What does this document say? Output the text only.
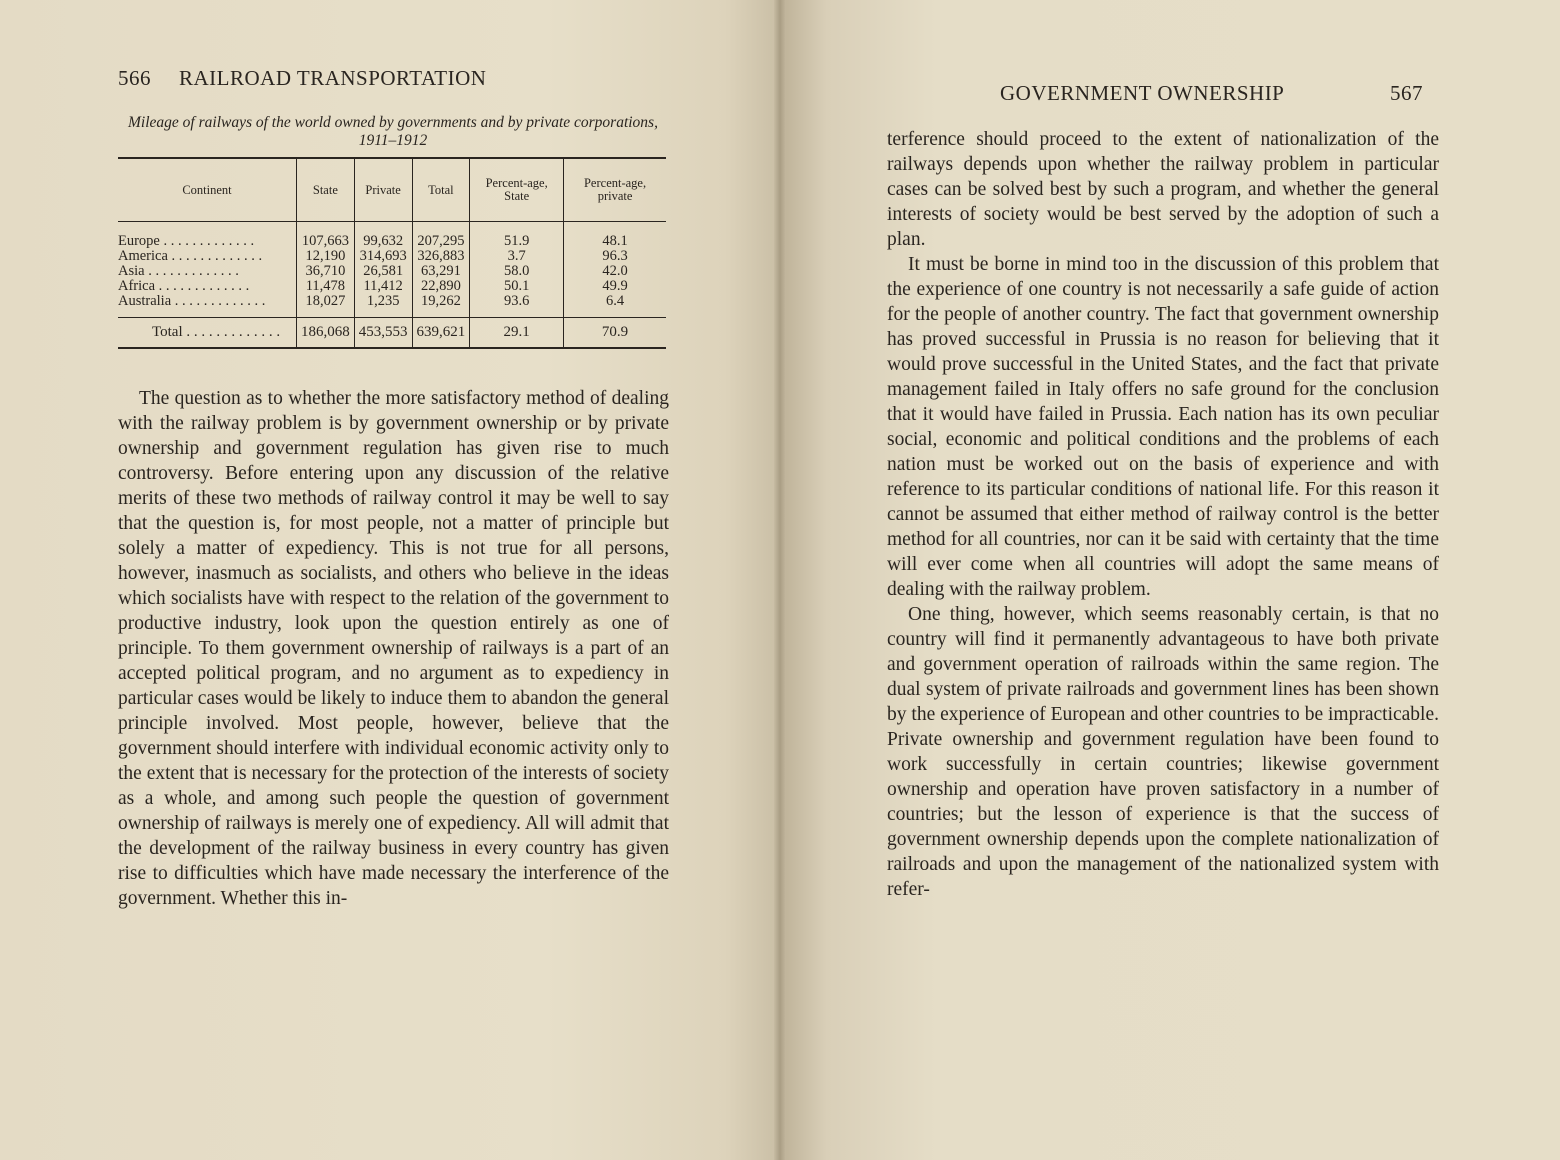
566 RAILROAD TRANSPORTATION
Mileage of railways of the world owned by governments and by private corporations, 1911–1912
Continent	State	Private	Total	Percent-age, State	Percent-age, private

Europe . . .	107,663	99,632	207,295	51.9	48.1

America . . .	12,190	314,693	326,883	3.7	96.3

Asia . . .	36,710	26,581	63,291	58.0	42.0

Africa . . .	11,478	11,412	22,890	50.1	49.9

Australia . . .	18,027	1,235	19,262	93.6	6.4

Total . . .	186,068	453,553	639,621	29.1	70.9

The question as to whether the more satisfactory method of dealing with the railway problem is by government ownership or by private ownership and government regulation has given rise to much controversy. Before entering upon any discussion of the relative merits of these two methods of railway control it may be well to say that the question is, for most people, not a matter of principle but solely a matter of expediency. This is not true for all persons, however, inasmuch as socialists, and others who believe in the ideas which socialists have with respect to the relation of the government to productive industry, look upon the question entirely as one of principle. To them government ownership of railways is a part of an accepted political program, and no argument as to expediency in particular cases would be likely to induce them to abandon the general principle involved. Most people, however, believe that the government should interfere with individual economic activity only to the extent that is necessary for the protection of the interests of society as a whole, and among such people the question of government ownership of railways is merely one of expediency. All will admit that the development of the railway business in every country has given rise to difficulties which have made necessary the interference of the government. Whether this in-

GOVERNMENT OWNERSHIP	567

terference should proceed to the extent of nationalization of the railways depends upon whether the railway problem in particular cases can be solved best by such a program, and whether the general interests of society would be best served by the adoption of such a plan.

It must be borne in mind too in the discussion of this problem that the experience of one country is not necessarily a safe guide of action for the people of another country. The fact that government ownership has proved successful in Prussia is no reason for believing that it would prove successful in the United States, and the fact that private management failed in Italy offers no safe ground for the conclusion that it would have failed in Prussia. Each nation has its own peculiar social, economic and political conditions and the problems of each nation must be worked out on the basis of experience and with reference to its particular conditions of national life. For this reason it cannot be assumed that either method of railway control is the better method for all countries, nor can it be said with certainty that the time will ever come when all countries will adopt the same means of dealing with the railway problem.

One thing, however, which seems reasonably certain, is that no country will find it permanently advantageous to have both private and government operation of railroads within the same region. The dual system of private railroads and government lines has been shown by the experience of European and other countries to be impracticable. Private ownership and government regulation have been found to work successfully in certain countries; likewise government ownership and operation have proven satisfactory in a number of countries; but the lesson of experience is that the success of government ownership depends upon the complete nationalization of railroads and upon the management of the nationalized system with refer-
